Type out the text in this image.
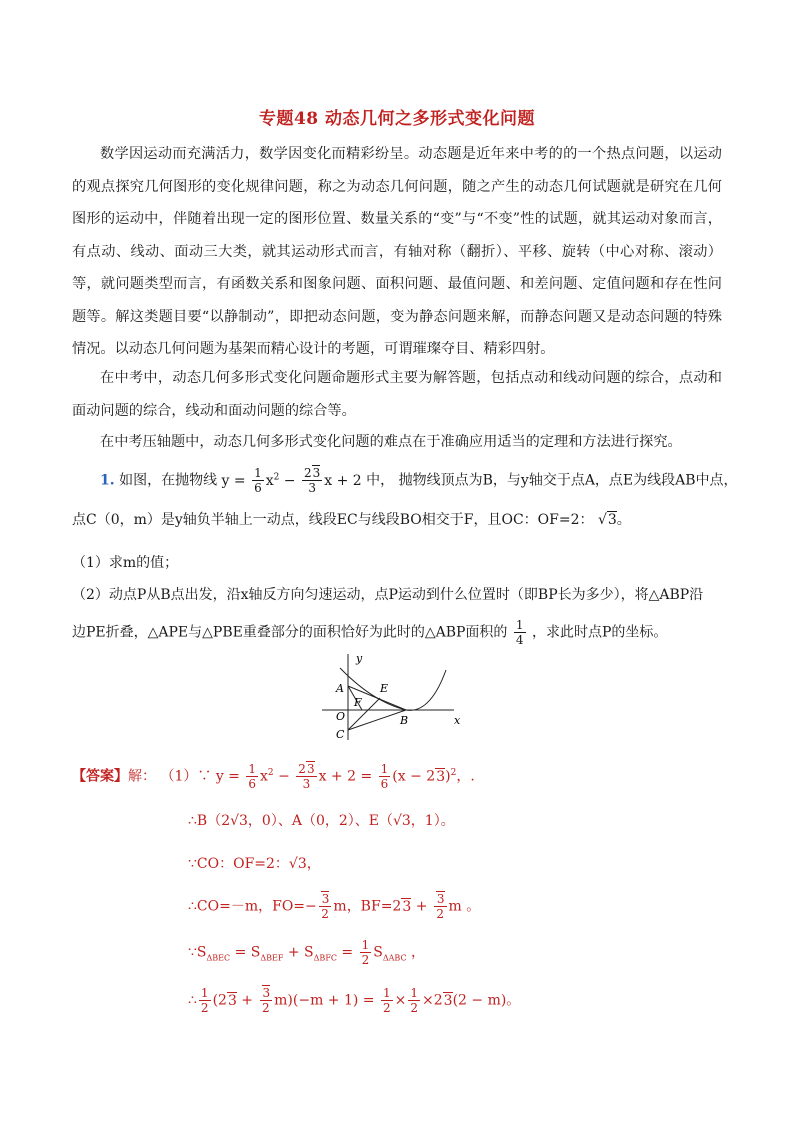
专题48 动态几何之多形式变化问题
数学因运动而充满活力，数学因变化而精彩纷呈。动态题是近年来中考的的一个热点问题，以运动的观点探究几何图形的变化规律问题，称之为动态几何问题，随之产生的动态几何试题就是研究在几何图形的运动中，伴随着出现一定的图形位置、数量关系的“变”与“不变”性的试题，就其运动对象而言，有点动、线动、面动三大类，就其运动形式而言，有轴对称（翻折）、平移、旋转（中心对称、滚动）等，就问题类型而言，有函数关系和图象问题、面积问题、最值问题、和差问题、定值问题和存在性问题等。解这类题目要“以静制动”，即把动态问题，变为静态问题来解，而静态问题又是动态问题的特殊情况。以动态几何问题为基架而精心设计的考题，可谓璀璨夺目、精彩四射。
在中考中，动态几何多形式变化问题命题形式主要为解答题，包括点动和线动问题的综合，点动和面动问题的综合，线动和面动问题的综合等。
在中考压轴题中，动态几何多形式变化问题的难点在于准确应用适当的定理和方法进行探究。
1. 如图，在抛物线 $y = \frac{1}{6} x^2 - \frac{23}{3}$ x + 2 中， 抛物线顶点为B，与y轴交于点A，点E为线段AB中点，
点C（0，m）是y轴负半轴上一动点，线段EC与线段BO相交于F，且OC：OF=2： √3。
（1）求m的值；
（2）动点P从B点出发，沿x轴反方向匀速运动，点P运动到什么位置时（即BP长为多少），将△ABP沿
边PE折叠，△APE与△PBE重叠部分的面积恰好为此时的△ABP面积的 $\frac{1}{4}$ ，求此时点P的坐标。
y
x
A	E
F
O	B
C
【答案】解： （1）∵ $y = \frac{1}{6} x^2 - \frac{23}{3}$ $x + 2 = \frac{1}{6} (x - 23)^2$，.
∴B（2√3，0）、A（0，2）、E（√3，1）。
∵CO：OF=2：√3，
∴CO=－m，$FO=- \frac{3}{2}$ m，$BF=23 + \frac{3}{2}$ m 。
$\because S_{\Delta BEC} = S_{\Delta BEF} + S_{\Delta BFC} = \frac{1}{2} S_{\Delta ABC}$ ，
∴ $\frac{1}{2} (23 + \frac{3}{2} m)(-m + 1) = \frac{1}{2} \times \frac{1}{2} \times 23(2 - m)$。
